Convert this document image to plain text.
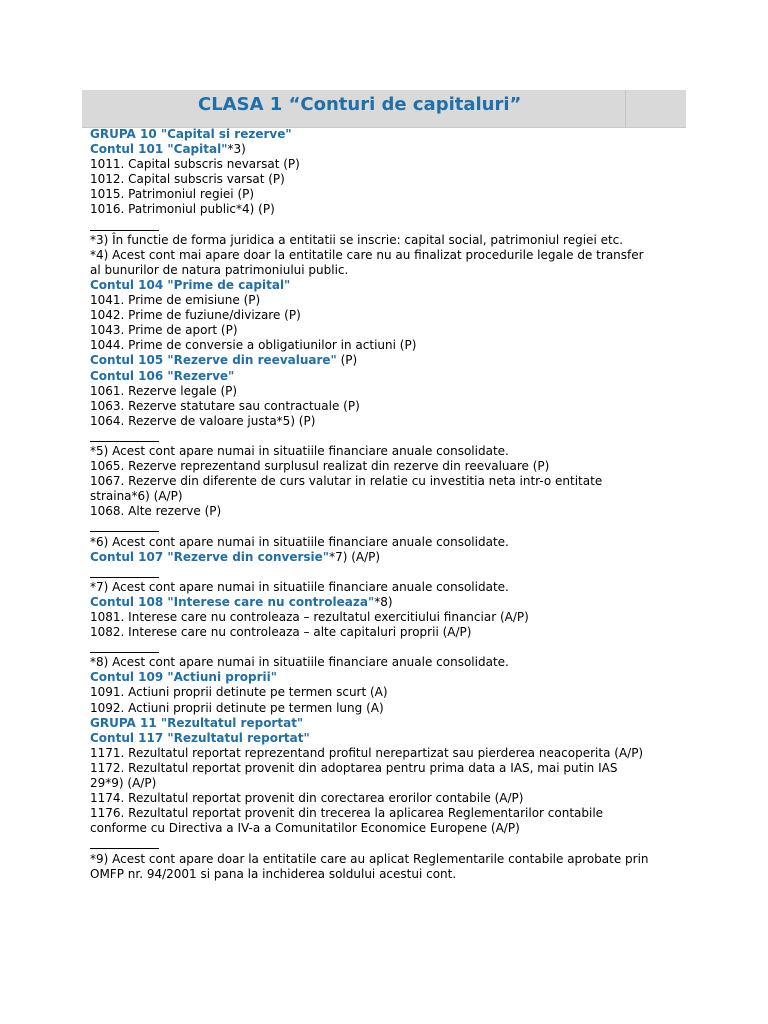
CLASA 1 “Conturi de capitaluri”
GRUPA 10 "Capital si rezerve"
Contul 101 "Capital"*3)
1011. Capital subscris nevarsat (P)
1012. Capital subscris varsat (P)
1015. Patrimoniul regiei (P)
1016. Patrimoniul public*4) (P)
*3) În functie de forma juridica a entitatii se inscrie: capital social, patrimoniul regiei etc.
*4) Acest cont mai apare doar la entitatile care nu au finalizat procedurile legale de transfer
al bunurilor de natura patrimoniului public.
Contul 104 "Prime de capital"
1041. Prime de emisiune (P)
1042. Prime de fuziune/divizare (P)
1043. Prime de aport (P)
1044. Prime de conversie a obligatiunilor in actiuni (P)
Contul 105 "Rezerve din reevaluare" (P)
Contul 106 "Rezerve"
1061. Rezerve legale (P)
1063. Rezerve statutare sau contractuale (P)
1064. Rezerve de valoare justa*5) (P)
*5) Acest cont apare numai in situatiile financiare anuale consolidate.
1065. Rezerve reprezentand surplusul realizat din rezerve din reevaluare (P)
1067. Rezerve din diferente de curs valutar in relatie cu investitia neta intr-o entitate
straina*6) (A/P)
1068. Alte rezerve (P)
*6) Acest cont apare numai in situatiile financiare anuale consolidate.
Contul 107 "Rezerve din conversie"*7) (A/P)
*7) Acest cont apare numai in situatiile financiare anuale consolidate.
Contul 108 "Interese care nu controleaza"*8)
1081. Interese care nu controleaza – rezultatul exercitiului financiar (A/P)
1082. Interese care nu controleaza – alte capitaluri proprii (A/P)
*8) Acest cont apare numai in situatiile financiare anuale consolidate.
Contul 109 "Actiuni proprii"
1091. Actiuni proprii detinute pe termen scurt (A)
1092. Actiuni proprii detinute pe termen lung (A)
GRUPA 11 "Rezultatul reportat"
Contul 117 "Rezultatul reportat"
1171. Rezultatul reportat reprezentand profitul nerepartizat sau pierderea neacoperita (A/P)
1172. Rezultatul reportat provenit din adoptarea pentru prima data a IAS, mai putin IAS
29*9) (A/P)
1174. Rezultatul reportat provenit din corectarea erorilor contabile (A/P)
1176. Rezultatul reportat provenit din trecerea la aplicarea Reglementarilor contabile
conforme cu Directiva a IV-a a Comunitatilor Economice Europene (A/P)
*9) Acest cont apare doar la entitatile care au aplicat Reglementarile contabile aprobate prin
OMFP nr. 94/2001 si pana la inchiderea soldului acestui cont.
